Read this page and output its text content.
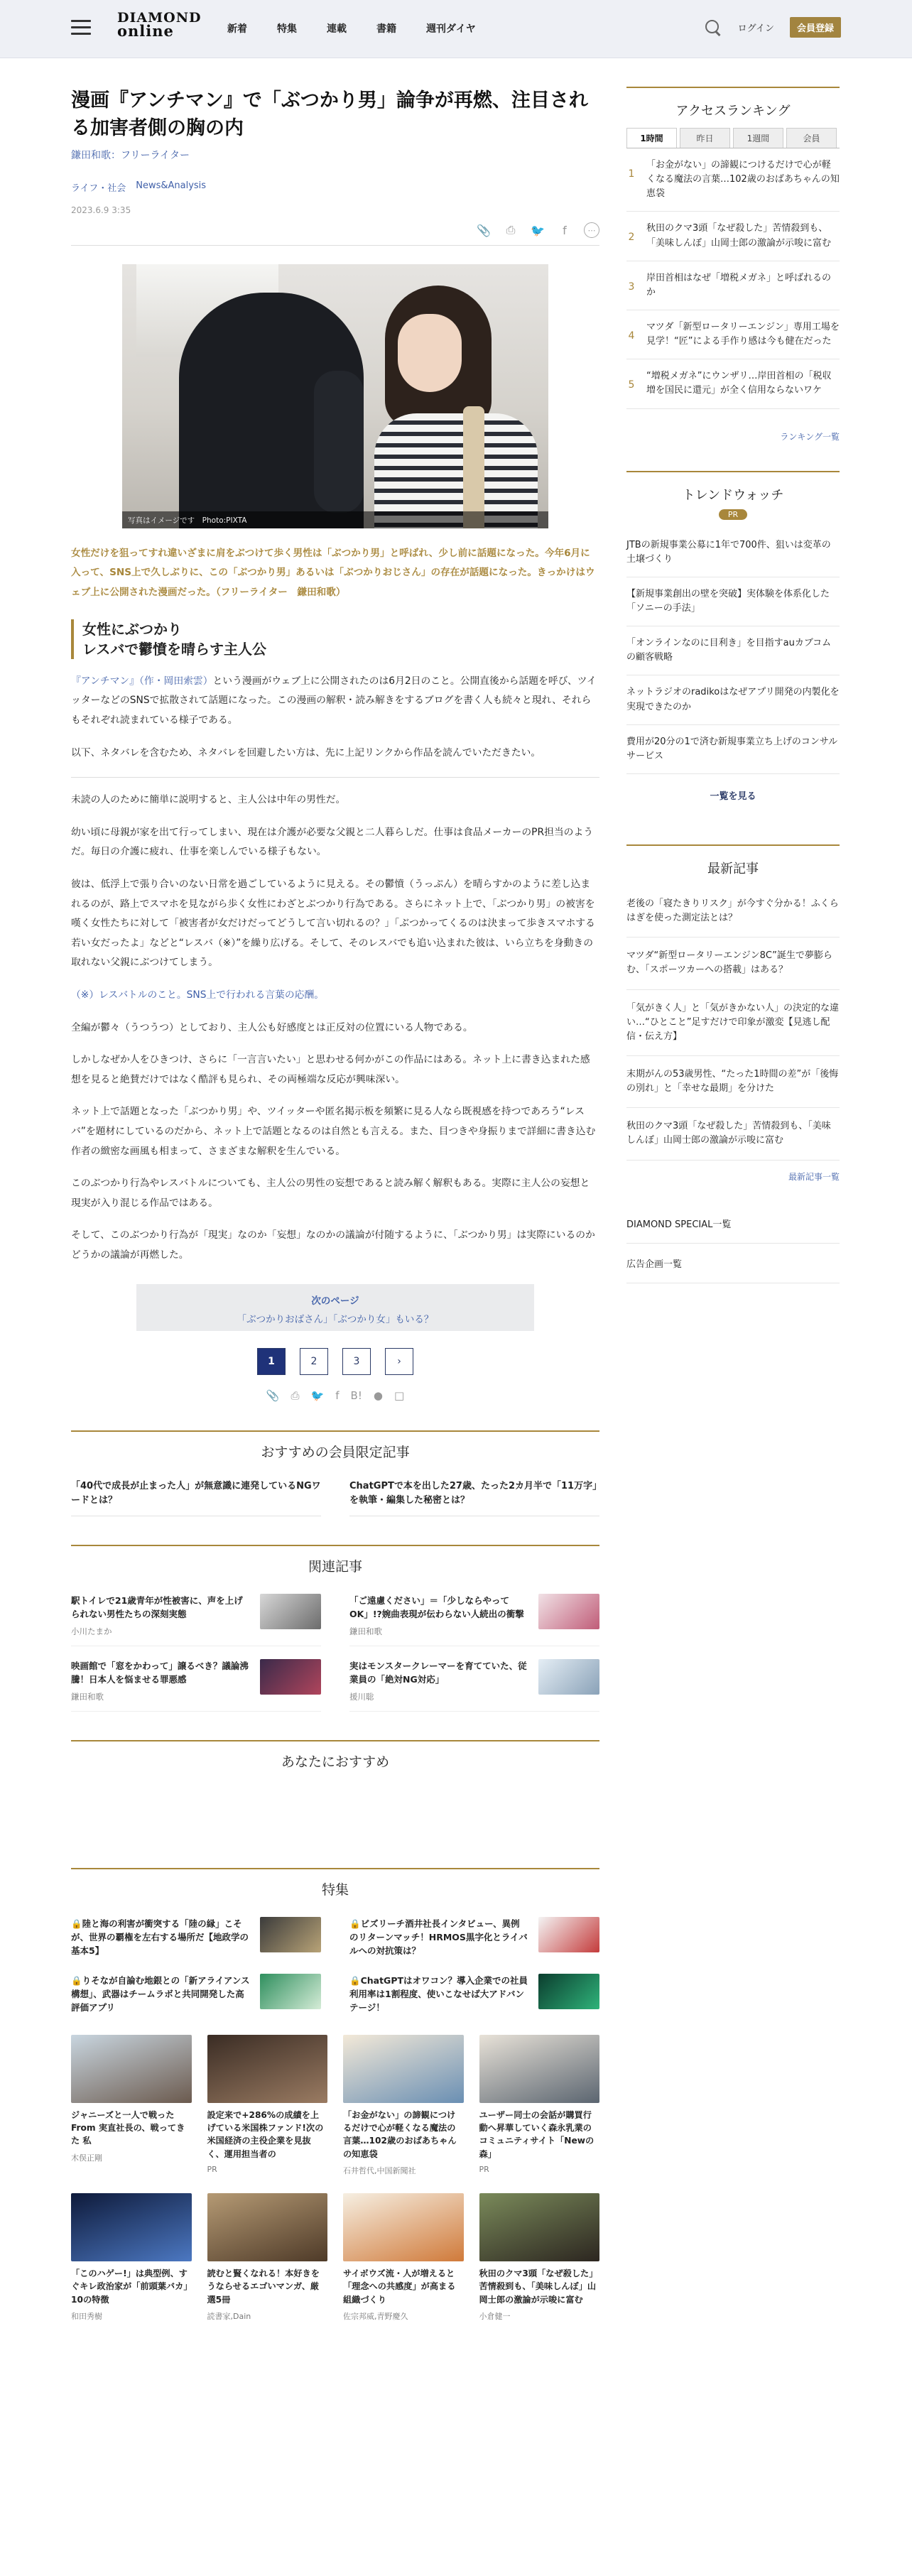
DIAMOND
online	新着	特集	連載	書籍	週刊ダイヤ	ログイン	会員登録
漫画『アンチマン』で「ぶつかり男」論争が再燃、注目される加害者側の胸の内
鎌田和歌：フリーライター
ライフ・社会 News&Analysis
2023.6.9 3:35
📎 ⎙ 🐦	f	⋯
写真はイメージです　Photo:PIXTA

女性だけを狙ってすれ違いざまに肩をぶつけて歩く男性は「ぶつかり男」と呼ばれ、少し前に話題になった。今年6月に入って、SNS上で久しぶりに、この「ぶつかり男」あるいは「ぶつかりおじさん」の存在が話題になった。きっかけはウェブ上に公開された漫画だった。（フリーライター　鎌田和歌）

女性にぶつかり
レスバで鬱憤を晴らす主人公

『アンチマン』（作・岡田索雲）という漫画がウェブ上に公開されたのは6月2日のこと。公開直後から話題を呼び、ツイッターなどのSNSで拡散されて話題になった。この漫画の解釈・読み解きをするブログを書く人も続々と現れ、それらもそれぞれ読まれている様子である。

以下、ネタバレを含むため、ネタバレを回避したい方は、先に上記リンクから作品を読んでいただきたい。

未読の人のために簡単に説明すると、主人公は中年の男性だ。

幼い頃に母親が家を出て行ってしまい、現在は介護が必要な父親と二人暮らしだ。仕事は食品メーカーのPR担当のようだ。毎日の介護に疲れ、仕事を楽しんでいる様子もない。

彼は、低浮上で張り合いのない日常を過ごしているように見える。その鬱憤（うっぷん）を晴らすかのように差し込まれるのが、路上でスマホを見ながら歩く女性にわざとぶつかり行為である。さらにネット上で、「ぶつかり男」の被害を嘆く女性たちに対して「被害者が女だけだってどうして言い切れるの？」「ぶつかってくるのは決まって歩きスマホする若い女だったよ」などと“レスバ（※）”を繰り広げる。そして、そのレスバでも追い込まれた彼は、いら立ちを身動きの取れない父親にぶつけてしまう。

（※）レスバトルのこと。SNS上で行われる言葉の応酬。

全編が鬱々（うつうつ）としており、主人公も好感度とは正反対の位置にいる人物である。

しかしなぜか人をひきつけ、さらに「一言言いたい」と思わせる何かがこの作品にはある。ネット上に書き込まれた感想を見ると絶賛だけではなく酷評も見られ、その両極端な反応が興味深い。

ネット上で話題となった「ぶつかり男」や、ツイッターや匿名掲示板を頻繁に見る人なら既視感を持つであろう“レスバ”を題材にしているのだから、ネット上で話題となるのは自然とも言える。また、目つきや身振りまで詳細に書き込む作者の緻密な画風も相まって、さまざまな解釈を生んでいる。

このぶつかり行為やレスバトルについても、主人公の男性の妄想であると読み解く解釈もある。実際に主人公の妄想と現実が入り混じる作品ではある。

そして、このぶつかり行為が「現実」なのか「妄想」なのかの議論が付随するように、「ぶつかり男」は実際にいるのかどうかの議論が再燃した。

次のページ
「ぶつかりおばさん」「ぶつかり女」もいる？
1	2	3	›
📎 ⎙ 🐦 f B! ● □
おすすめの会員限定記事
「40代で成長が止まった人」が無意識に連発しているNGワードとは？
ChatGPTで本を出した27歳、たった2カ月半で「11万字」を執筆・編集した秘密とは？
関連記事
駅トイレで21歳青年が性被害に、声を上げられない男性たちの深刻実態
小川たまか
「ご遠慮ください」＝「少しならやってOK」!?婉曲表現が伝わらない人続出の衝撃
鎌田和歌
映画館で「窓をかわって」譲るべき？議論沸騰！日本人を悩ませる罪悪感
鎌田和歌
実はモンスタークレーマーを育てていた、従業員の「絶対NG対応」
援川聡
あなたにおすすめ
特集
🔒陸と海の利害が衝突する「陸の縁」こそが、世界の覇権を左右する場所だ【地政学の基本5】
🔒ビズリーチ酒井社長インタビュー、異例のリターンマッチ！HRMOS黒字化とライバルへの対抗策は？
🔒りそなが自論む地銀との「新アライアンス構想」、武器はチームラボと共同開発した高評価アプリ
🔒ChatGPTはオワコン？導入企業での社員利用率は1割程度、使いこなせば大アドバンテージ！
ジャニーズと一人で戦った From 実直社長の、戦ってきた 私
木俣正剛
設定来で+286%の成績を上げている米国株ファンド!次の米国経済の主役企業を見抜く、運用担当者の
PR
「お金がない」の諦観につけるだけで心が軽くなる魔法の言葉…102歳のおばあちゃんの知恵袋
石井哲代,中国新聞社
ユーザー同士の会話が購買行動へ昇華していく森永乳業のコミュニティサイト「Newの森」
PR
「このハゲー!」は典型例、すぐキレ政治家が「前頭葉バカ」10の特徴
和田秀樹
読むと賢くなれる！本好きをうならせるエゴいマンガ、厳選5冊
読書家,Dain
サイボウズ流・人が増えると「理念への共感度」が高まる組織づくり
佐宗邦威,青野慶久
秋田のクマ3頭「なぜ殺した」苦情殺到も、「美味しんぼ」山岡士郎の激論が示唆に富む
小倉健一
アクセスランキング
1時間	昨日	1週間	会員
1
「お金がない」の諦観につけるだけで心が軽くなる魔法の言葉…102歳のおばあちゃんの知恵袋
2
秋田のクマ3頭「なぜ殺した」苦情殺到も、「美味しんぼ」山岡士郎の激論が示唆に富む
3
岸田首相はなぜ「増税メガネ」と呼ばれるのか
4
マツダ「新型ロータリーエンジン」専用工場を見学！“匠”による手作り感は今も健在だった
5
“増税メガネ”にウンザリ…岸田首相の「税収増を国民に還元」が全く信用ならないワケ
ランキング一覧
トレンドウォッチ
PR
JTBの新規事業公募に1年で700件、狙いは変革の土壌づくり
【新規事業創出の壁を突破】実体験を体系化した「ソニーの手法」
「オンラインなのに目利き」を目指すauカブコムの顧客戦略
ネットラジオのradikoはなぜアプリ開発の内製化を実現できたのか
費用が20分の1で済む新規事業立ち上げのコンサルサービス
一覧を見る
最新記事
老後の「寝たきりリスク」が今すぐ分かる！ふくらはぎを使った測定法とは？
マツダ“新型ロータリーエンジン8C”誕生で夢膨らむ、「スポーツカーへの搭載」はある？
「気がきく人」と「気がきかない人」の決定的な違い…“ひとこと”足すだけで印象が激変【見逃し配信・伝え方】
末期がんの53歳男性、“たった1時間の差”が「後悔の別れ」と「幸せな最期」を分けた
秋田のクマ3頭「なぜ殺した」苦情殺到も、「美味しんぼ」山岡士郎の激論が示唆に富む
最新記事一覧
DIAMOND SPECIAL一覧
広告企画一覧
